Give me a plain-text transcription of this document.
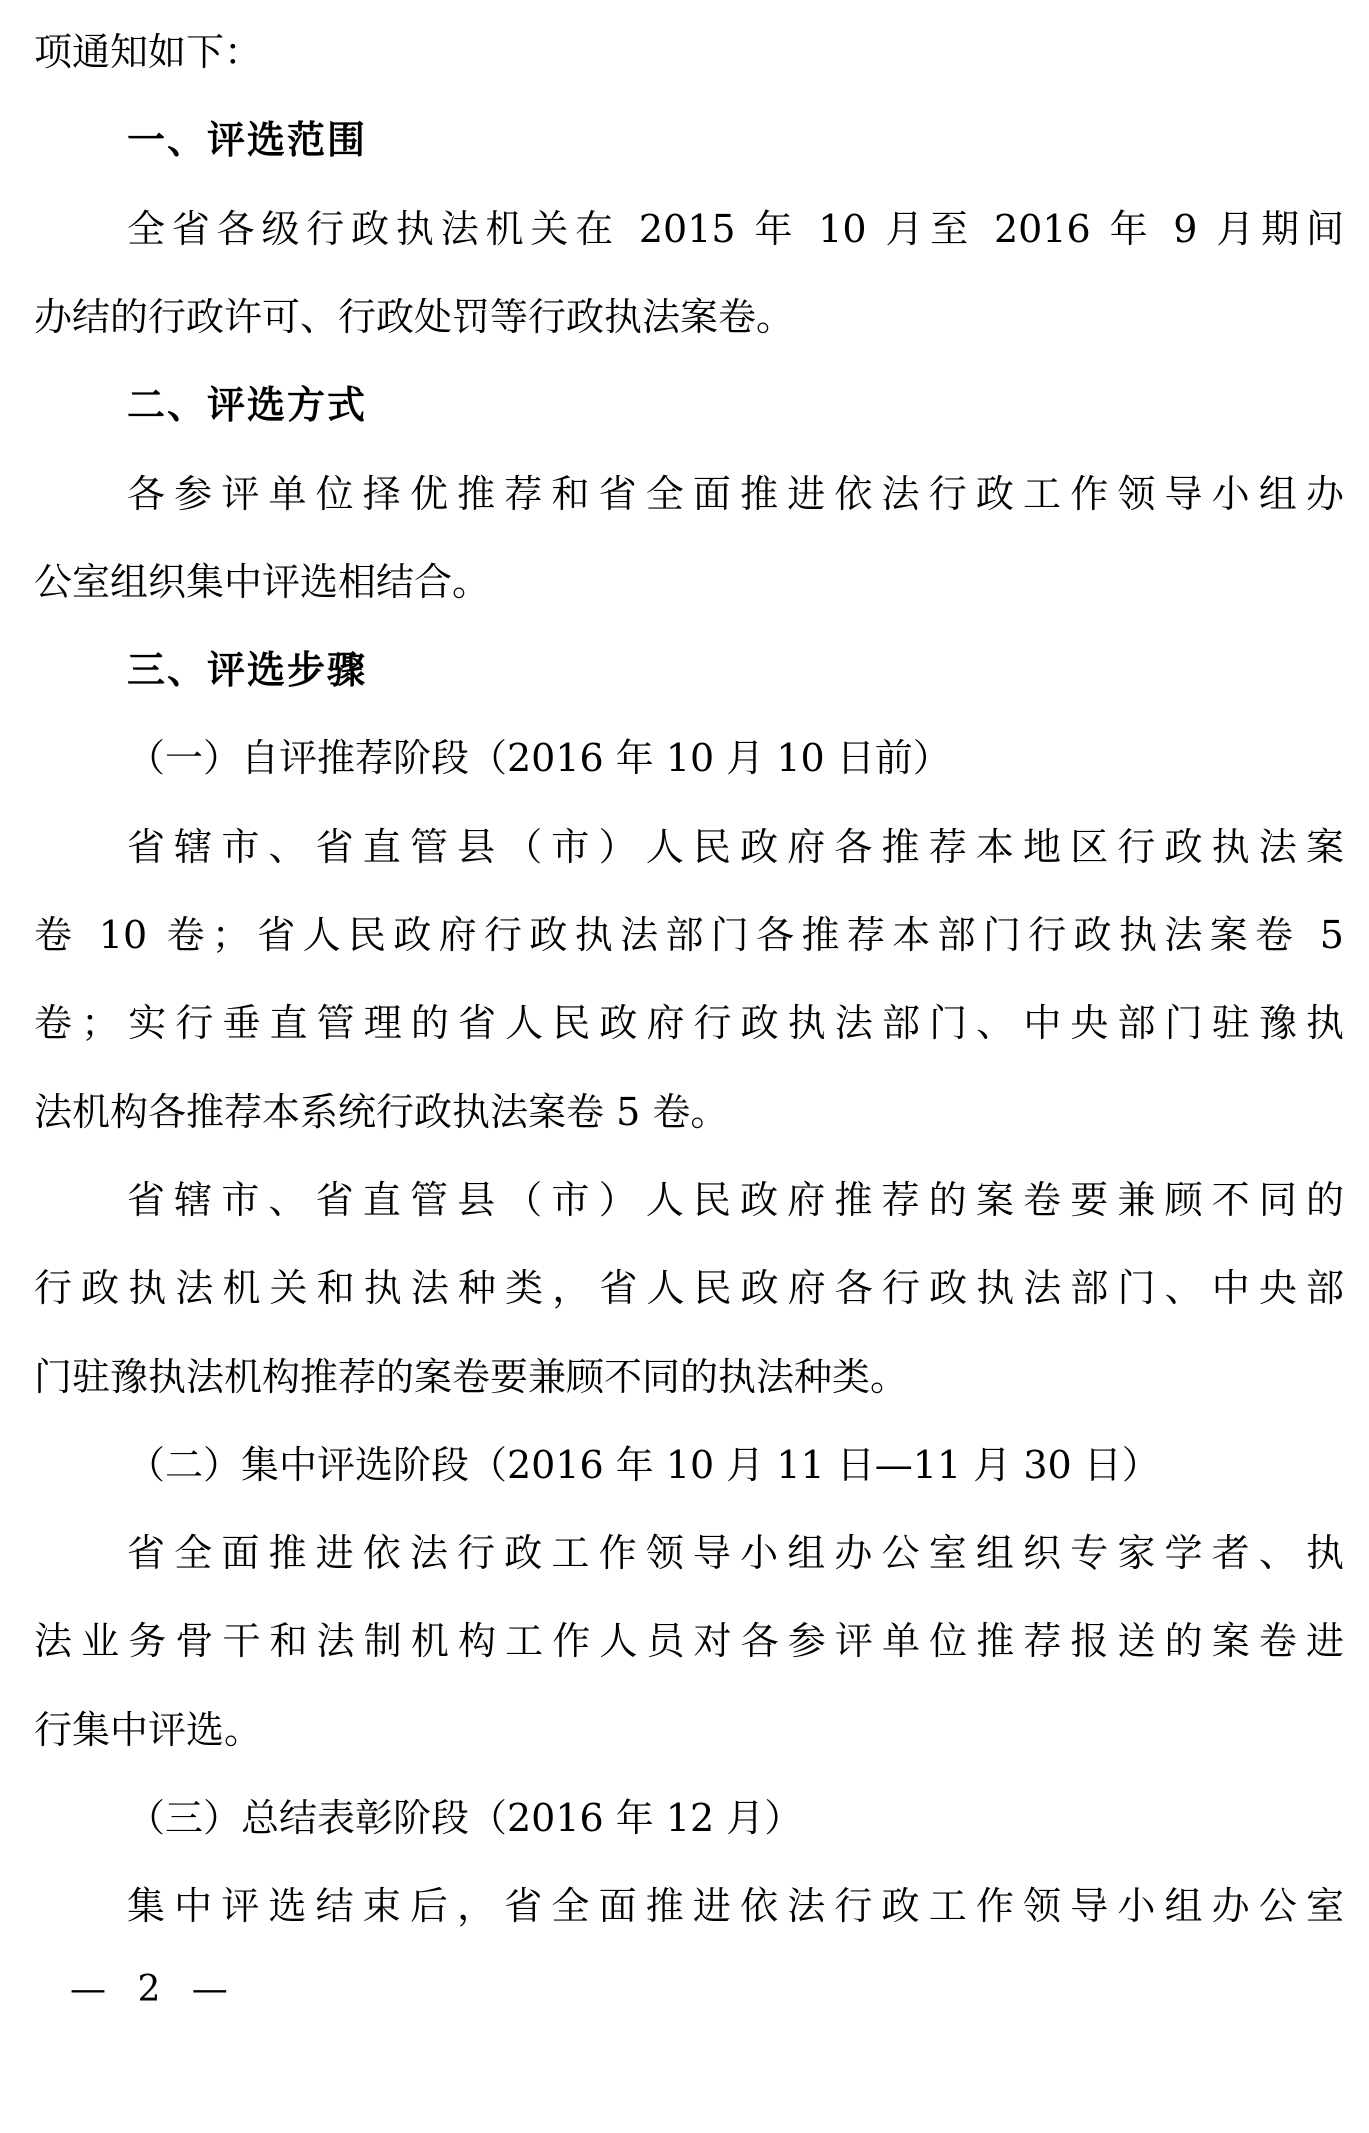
项通知如下：
一、评选范围
全省各级行政执法机关在 2015 年 10 月至 2016 年 9 月期间
办结的行政许可、行政处罚等行政执法案卷。
二、评选方式
各参评单位择优推荐和省全面推进依法行政工作领导小组办
公室组织集中评选相结合。
三、评选步骤
（一）自评推荐阶段（2016 年 10 月 10 日前）
省辖市、省直管县（市）人民政府各推荐本地区行政执法案
卷 10 卷；省人民政府行政执法部门各推荐本部门行政执法案卷 5
卷；实行垂直管理的省人民政府行政执法部门、中央部门驻豫执
法机构各推荐本系统行政执法案卷 5 卷。
省辖市、省直管县（市）人民政府推荐的案卷要兼顾不同的
行政执法机关和执法种类，省人民政府各行政执法部门、中央部
门驻豫执法机构推荐的案卷要兼顾不同的执法种类。
（二）集中评选阶段（2016 年 10 月 11 日—11 月 30 日）
省全面推进依法行政工作领导小组办公室组织专家学者、执
法业务骨干和法制机构工作人员对各参评单位推荐报送的案卷进
行集中评选。
（三）总结表彰阶段（2016 年 12 月）
集中评选结束后，省全面推进依法行政工作领导小组办公室
— 2 —
